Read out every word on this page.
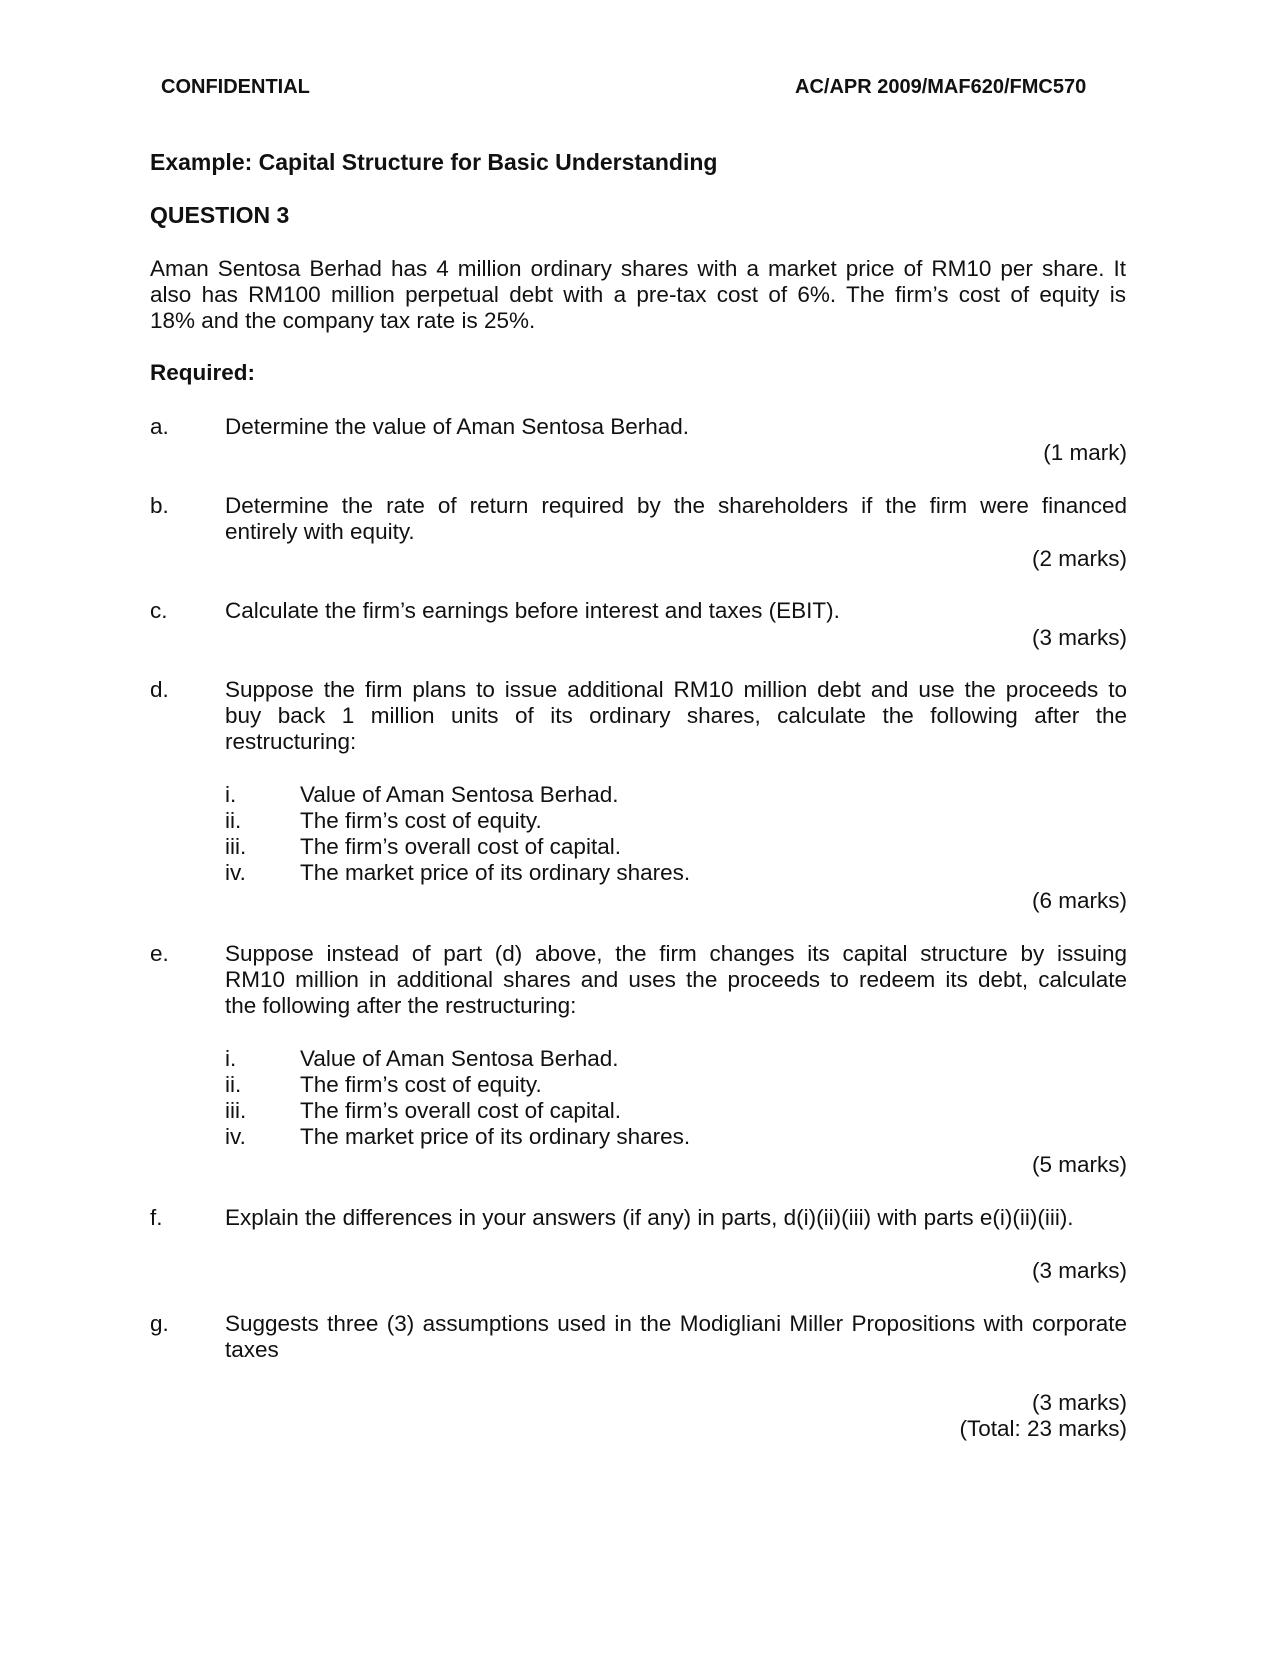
CONFIDENTIAL	AC/APR 2009/MAF620/FMC570
Example: Capital Structure for Basic Understanding
QUESTION 3
Aman Sentosa Berhad has 4 million ordinary shares with a market price of RM10 per share. It
also has RM100 million perpetual debt with a pre-tax cost of 6%. The firm’s cost of equity is
18% and the company tax rate is 25%.
Required:
a. Determine the value of Aman Sentosa Berhad.
(1 mark)
b. Determine the rate of return required by the shareholders if the firm were financed
entirely with equity.
(2 marks)
c.	Calculate the firm’s earnings before interest and taxes (EBIT).
(3 marks)
d. Suppose the firm plans to issue additional RM10 million debt and use the proceeds to
buy back 1 million units of its ordinary shares, calculate the following after the
restructuring:
i.	Value of Aman Sentosa Berhad.
ii.	The firm’s cost of equity.
iii.	The firm’s overall cost of capital.
iv.	The market price of its ordinary shares.
(6 marks)
e. Suppose instead of part (d) above, the firm changes its capital structure by issuing
RM10 million in additional shares and uses the proceeds to redeem its debt, calculate
the following after the restructuring:
i.	Value of Aman Sentosa Berhad.
ii.	The firm’s cost of equity.
iii.	The firm’s overall cost of capital.
iv.	The market price of its ordinary shares.
(5 marks)
f.	Explain the differences in your answers (if any) in parts, d(i)(ii)(iii) with parts e(i)(ii)(iii).
(3 marks)
g. Suggests three (3) assumptions used in the Modigliani Miller Propositions with corporate
taxes
(3 marks)
(Total: 23 marks)
